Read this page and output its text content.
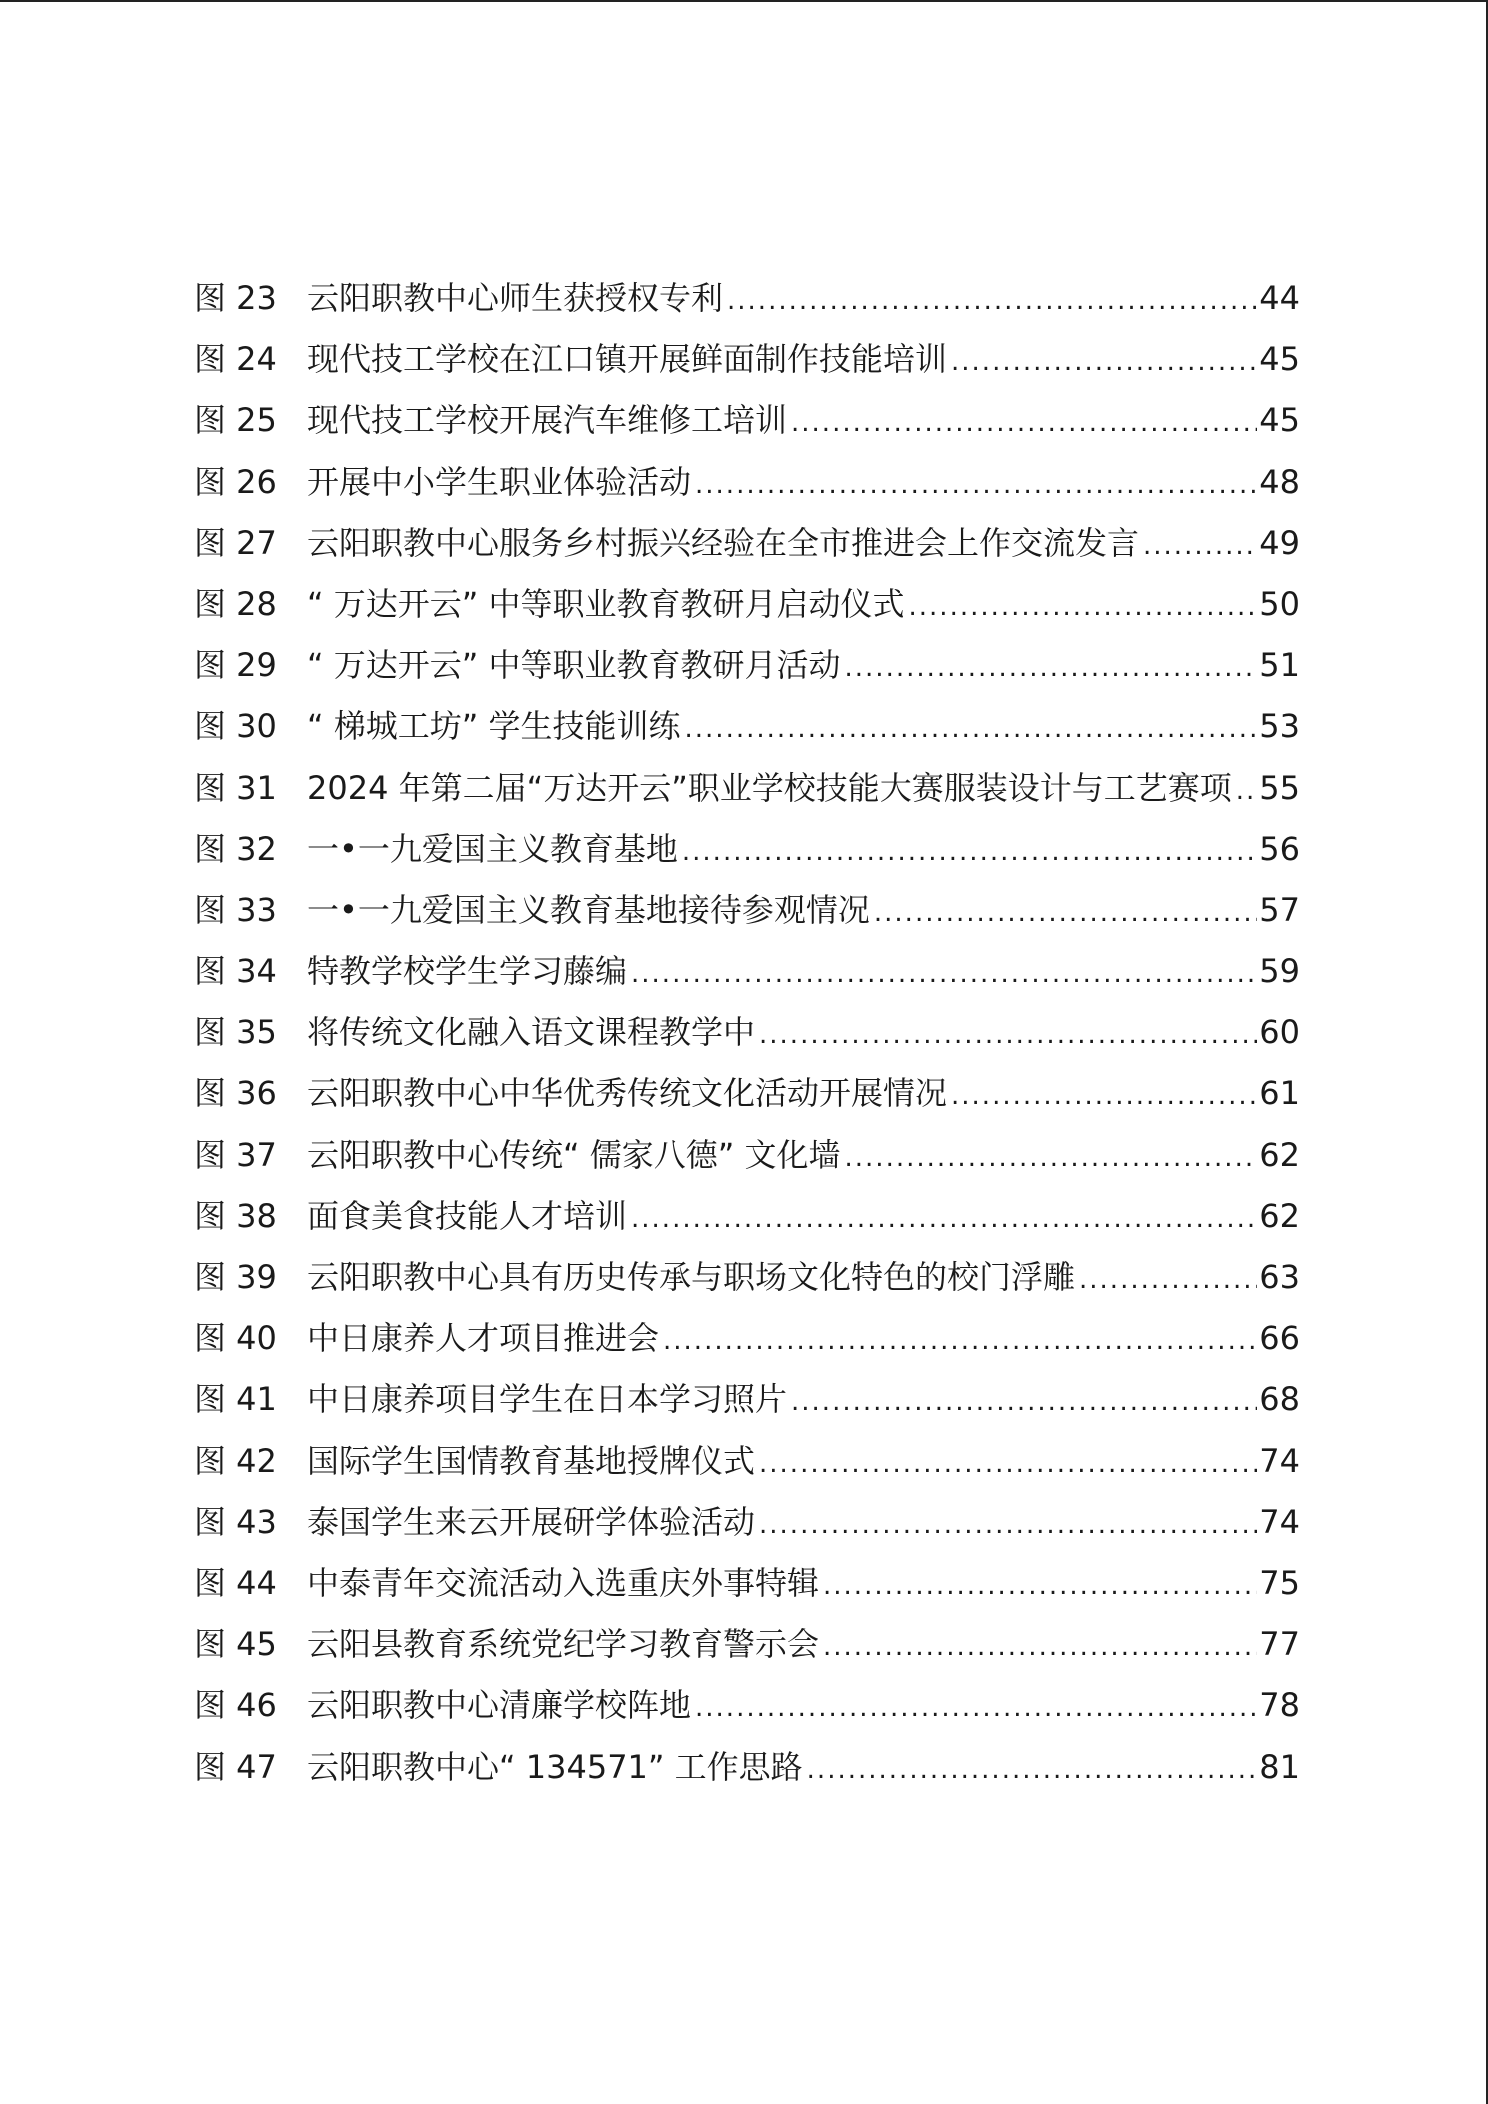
图 23 云阳职教中心师生获授权专利 .....	44
图 24 现代技工学校在江口镇开展鲜面制作技能培训 .....	45
图 25 现代技工学校开展汽车维修工培训 .....	45
图 26 开展中小学生职业体验活动 .....	48
图 27 云阳职教中心服务乡村振兴经验在全市推进会上作交流发言 .....	49
图 28 “ 万达开云” 中等职业教育教研月启动仪式 .....	50
图 29 “ 万达开云” 中等职业教育教研月活动 .....	51
图 30 “ 梯城工坊” 学生技能训练 .....	53
图 31 2024 年第二届“万达开云”职业学校技能大赛服装设计与工艺赛项 ..... 55
图 32 一•一九爱国主义教育基地 .....	56
图 33 一•一九爱国主义教育基地接待参观情况 .....	57
图 34 特教学校学生学习藤编 .....	59
图 35 将传统文化融入语文课程教学中 .....	60
图 36 云阳职教中心中华优秀传统文化活动开展情况 .....	61
图 37 云阳职教中心传统“ 儒家八德” 文化墙 .....	62
图 38 面食美食技能人才培训 .....	62
图 39 云阳职教中心具有历史传承与职场文化特色的校门浮雕 .....	63
图 40 中日康养人才项目推进会 .....	66
图 41 中日康养项目学生在日本学习照片 .....	68
图 42 国际学生国情教育基地授牌仪式 .....	74
图 43 泰国学生来云开展研学体验活动 .....	74
图 44 中泰青年交流活动入选重庆外事特辑 .....	75
图 45 云阳县教育系统党纪学习教育警示会 .....	77
图 46 云阳职教中心清廉学校阵地 .....	78
图 47 云阳职教中心“ 134571” 工作思路 .....	81
